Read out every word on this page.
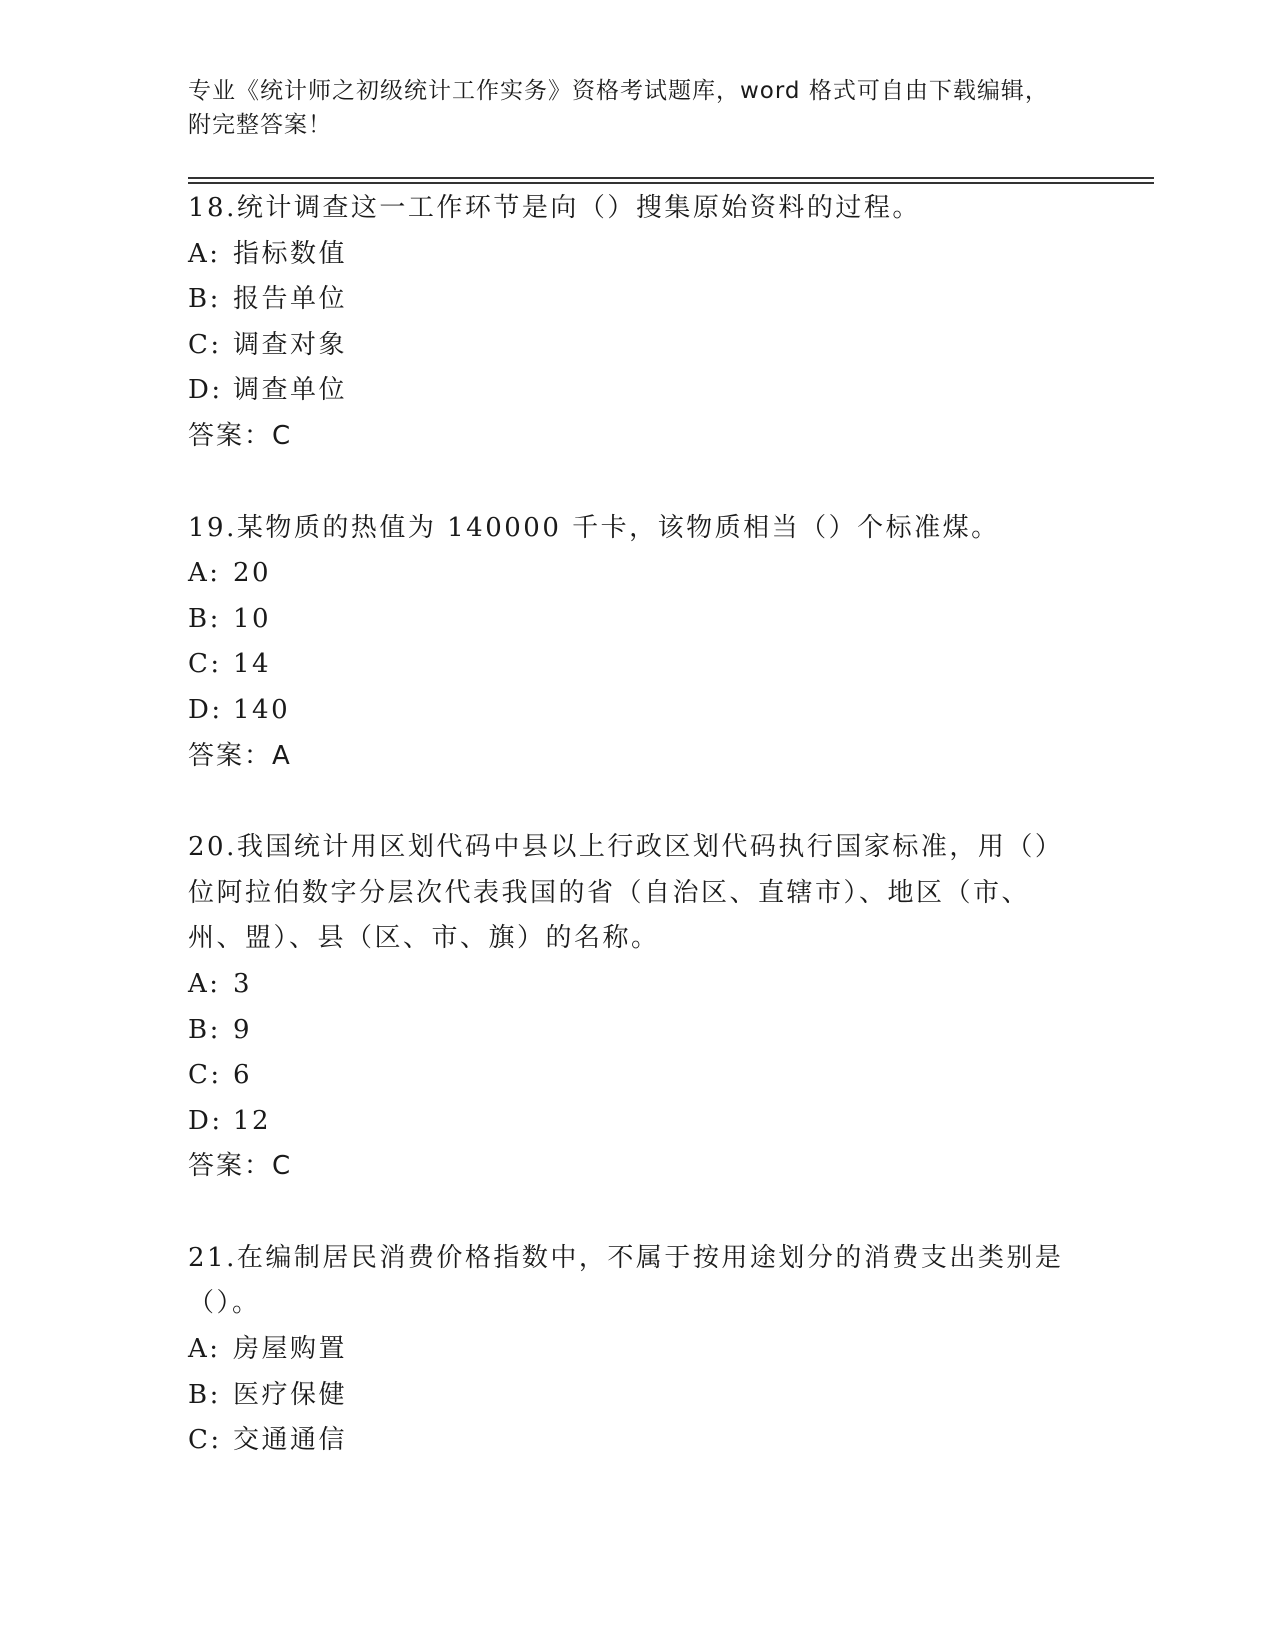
专业《统计师之初级统计工作实务》资格考试题库，word 格式可自由下载编辑，
附完整答案！
18.统计调查这一工作环节是向（）搜集原始资料的过程。
A: 指标数值
B: 报告单位
C: 调查对象
D: 调查单位
答案：C
19.某物质的热值为 140000 千卡，该物质相当（）个标准煤。
A: 20
B: 10
C: 14
D: 140
答案：A
20.我国统计用区划代码中县以上行政区划代码执行国家标准，用（）
位阿拉伯数字分层次代表我国的省（自治区、直辖市）、地区（市、
州、盟）、县（区、市、旗）的名称。
A: 3
B: 9
C: 6
D: 12
答案：C
21.在编制居民消费价格指数中，不属于按用途划分的消费支出类别是
（）。
A: 房屋购置
B: 医疗保健
C: 交通通信
